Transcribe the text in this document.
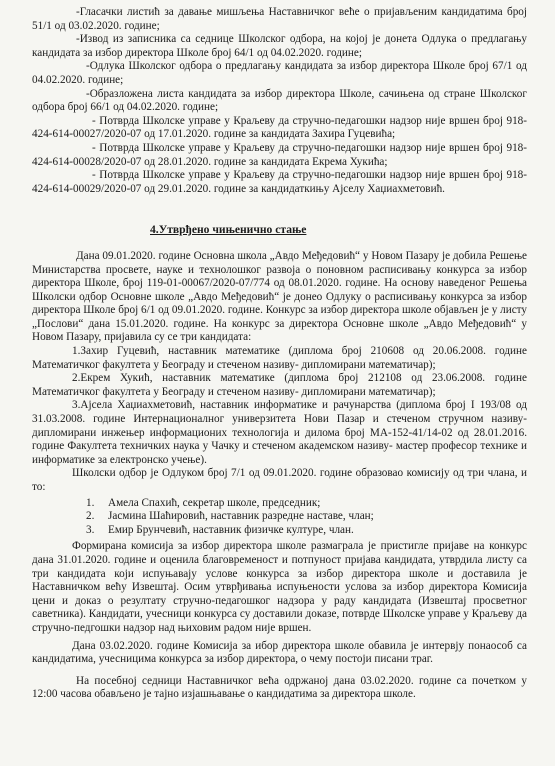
-Гласачки листић за давање мишљења Наставничког веће о пријављеним кандидатима број 51/1 од 03.02.2020. године;

-Извод из записника са седнице Школског одбора, на којој је донета Одлука о предлагању кандидата за избор директора Школе број 64/1 од 04.02.2020. године;

-Одлука Школског одбора о предлагању кандидата за избор директора Школе број 67/1 од 04.02.2020. године;

-Образложена листа кандидата за избор директора Школе, сачињена од стране Школског одбора број 66/1 од 04.02.2020. године;

- Потврда Школске управе у Краљеву да стручно-педагошки надзор није вршен број 918-424-614-00027/2020-07 од 17.01.2020. године за кандидата Захира Гуцевића;

- Потврда Школске управе у Краљеву да стручно-педагошки надзор није вршен број 918-424-614-00028/2020-07 од 28.01.2020. године за кандидата Екрема Хукића;

- Потврда Школске управе у Краљеву да стручно-педагошки надзор није вршен број 918-424-614-00029/2020-07 од 29.01.2020. године за кандидаткињу Ајселу Хаџиахметовић.

4.Утврђено чињенично стање

Дана 09.01.2020. године Основна школа „Авдо Међедовић“ у Новом Пазару је добила Решење Министарства просвете, науке и технолошког развоја о поновном расписивању конкурса за избор директора Школе, број 119-01-00067/2020-07/774 од 08.01.2020. године. На основу наведеног Решења Школски одбор Основне школе „Авдо Међедовић“ је донео Одлуку о расписивању конкурса за избор директора Школе број 6/1 од 09.01.2020. године. Конкурс за избор директора школе објављен је у листу „Послови“ дана 15.01.2020. године. На конкурс за директора Основне школе „Авдо Међедовић“ у Новом Пазару, пријавила су се три кандидата:

1.Захир Гуцевић, наставник математике (диплома број 210608 од 20.06.2008. године Математичког факултета у Београду и стеченом називу- дипломирани математичар);

2.Екрем Хукић, наставник математике (диплома број 212108 од 23.06.2008. године Математичког факултета у Београду и стеченом називу- дипломирани математичар);

3.Ајсела Хаџиахметовић, наставник информатике и рачунарства (диплома број I 193/08 од 31.03.2008. године Интернационалног универзитета Нови Пазар и стеченом стручном називу- дипломирани инжењер информационих технологија и дилома број МА-152-41/14-02 од 28.01.2016. године Факултета техничких наука у Чачку и стеченом академском називу- мастер професор технике и информатике за електронско учење).

Школски одбор је Одлуком број 7/1 од 09.01.2020. године образовао комисију од три члана, и то:

1. Амела Спахић, секретар школе, председник;
2. Јасмина Шаћировић, наставник разредне наставе, члан;
3. Емир Брунчевић, наставник физичке културе, члан.

Формирана комисија за избор директора школе размагрaла је пристигле пријаве на конкурс дана 31.01.2020. године и оценила благовременост и потпуност пријава кандидата, утврдила листу са три кандидата који испуњавају услове конкурса за избор директора школе и доставила је Наставничком већу Извештај. Осим утврђивања испуњености услова за избор директора Комисија цени и доказ о резултату стручно-педагошког надзора у раду кандидата (Извештај просветног саветника). Кандидати, учесници конкурса су доставили доказе, потврде Школске управе у Краљеву да стручно-педгошки надзор над њиховим радом није вршен.

Дана 03.02.2020. године Комисија за ибор директора школе обавила је интервју понаособ са кандидатима, учесницима конкурса за избор директора, о чему постоји писани траг.

На посебној седници Наставничког већа одржаној дана 03.02.2020. године са почетком у 12:00 часова обављено је тајно изјашњавање о кандидатима за директора школе.
